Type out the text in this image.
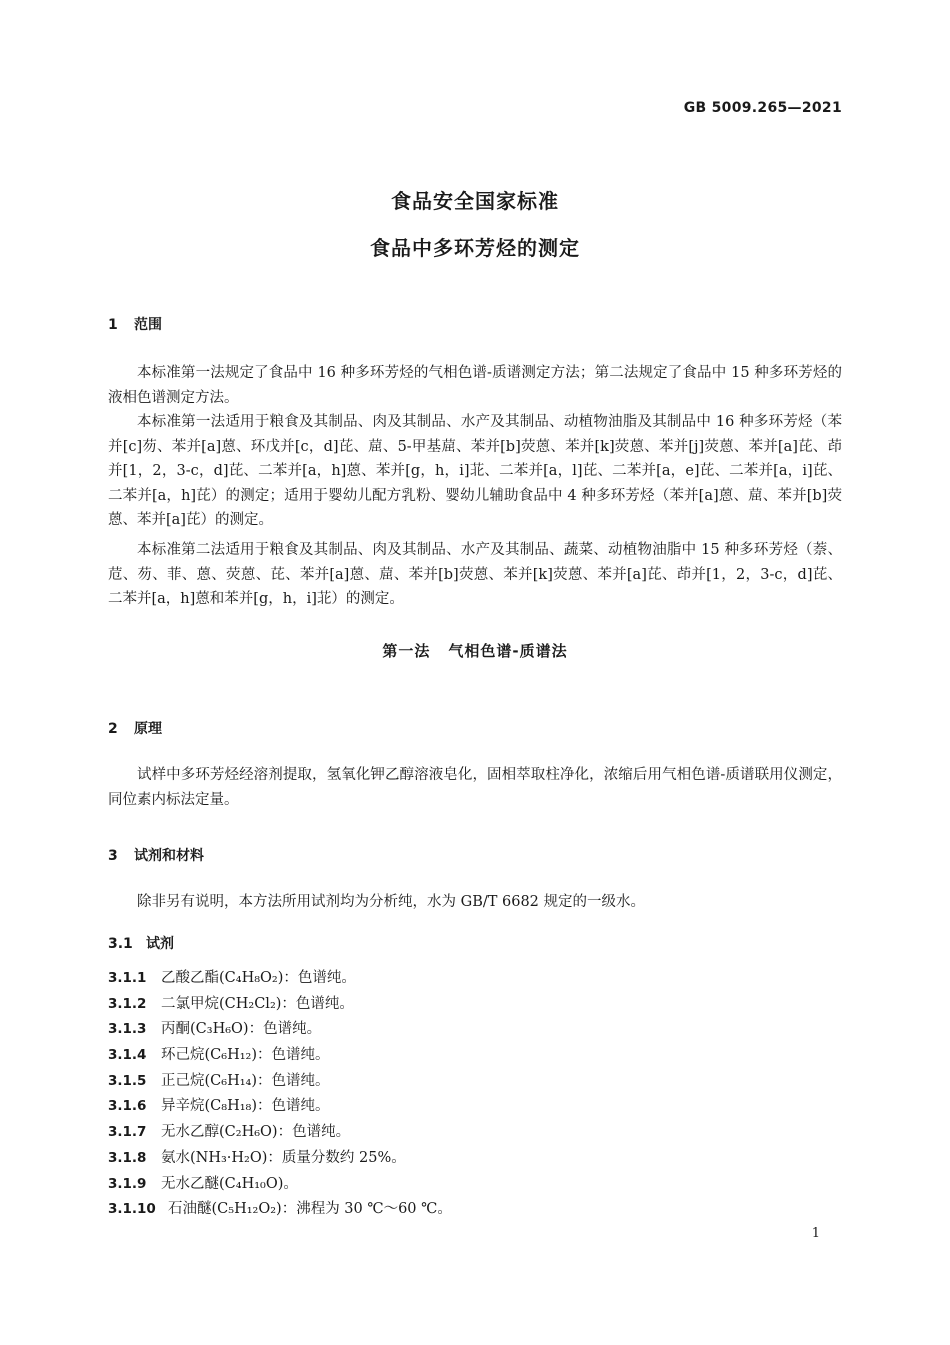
GB 5009.265—2021
食品安全国家标准
食品中多环芳烃的测定
1 范围

本标准第一法规定了食品中 16 种多环芳烃的气相色谱-质谱测定方法；第二法规定了食品中 15 种多环芳烃的液相色谱测定方法。

本标准第一法适用于粮食及其制品、肉及其制品、水产及其制品、动植物油脂及其制品中 16 种多环芳烃（苯并[c]芴、苯并[a]蒽、环戊并[c，d]芘、䓛、5-甲基䓛、苯并[b]荧蒽、苯并[k]荧蒽、苯并[j]荧蒽、苯并[a]芘、茚并[1，2，3-c，d]芘、二苯并[a，h]蒽、苯并[g，h，i]苝、二苯并[a，l]芘、二苯并[a，e]芘、二苯并[a，i]芘、二苯并[a，h]芘）的测定；适用于婴幼儿配方乳粉、婴幼儿辅助食品中 4 种多环芳烃（苯并[a]蒽、䓛、苯并[b]荧蒽、苯并[a]芘）的测定。

本标准第二法适用于粮食及其制品、肉及其制品、水产及其制品、蔬菜、动植物油脂中 15 种多环芳烃（萘、苊、芴、菲、蒽、荧蒽、芘、苯并[a]蒽、䓛、苯并[b]荧蒽、苯并[k]荧蒽、苯并[a]芘、茚并[1，2，3-c，d]芘、二苯并[a，h]蒽和苯并[g，h，i]苝）的测定。

第一法 气相色谱-质谱法
2 原理

试样中多环芳烃经溶剂提取，氢氧化钾乙醇溶液皂化，固相萃取柱净化，浓缩后用气相色谱-质谱联用仪测定，同位素内标法定量。

3 试剂和材料

除非另有说明，本方法所用试剂均为分析纯，水为 GB/T 6682 规定的一级水。

3.1 试剂
3.1.1 乙酸乙酯(C₄H₈O₂)：色谱纯。
3.1.2 二氯甲烷(CH₂Cl₂)：色谱纯。
3.1.3 丙酮(C₃H₆O)：色谱纯。
3.1.4 环己烷(C₆H₁₂)：色谱纯。
3.1.5 正己烷(C₆H₁₄)：色谱纯。
3.1.6 异辛烷(C₈H₁₈)：色谱纯。
3.1.7 无水乙醇(C₂H₆O)：色谱纯。
3.1.8 氨水(NH₃·H₂O)：质量分数约 25%。
3.1.9 无水乙醚(C₄H₁₀O)。
3.1.10 石油醚(C₅H₁₂O₂)：沸程为 30 ℃～60 ℃。
1
